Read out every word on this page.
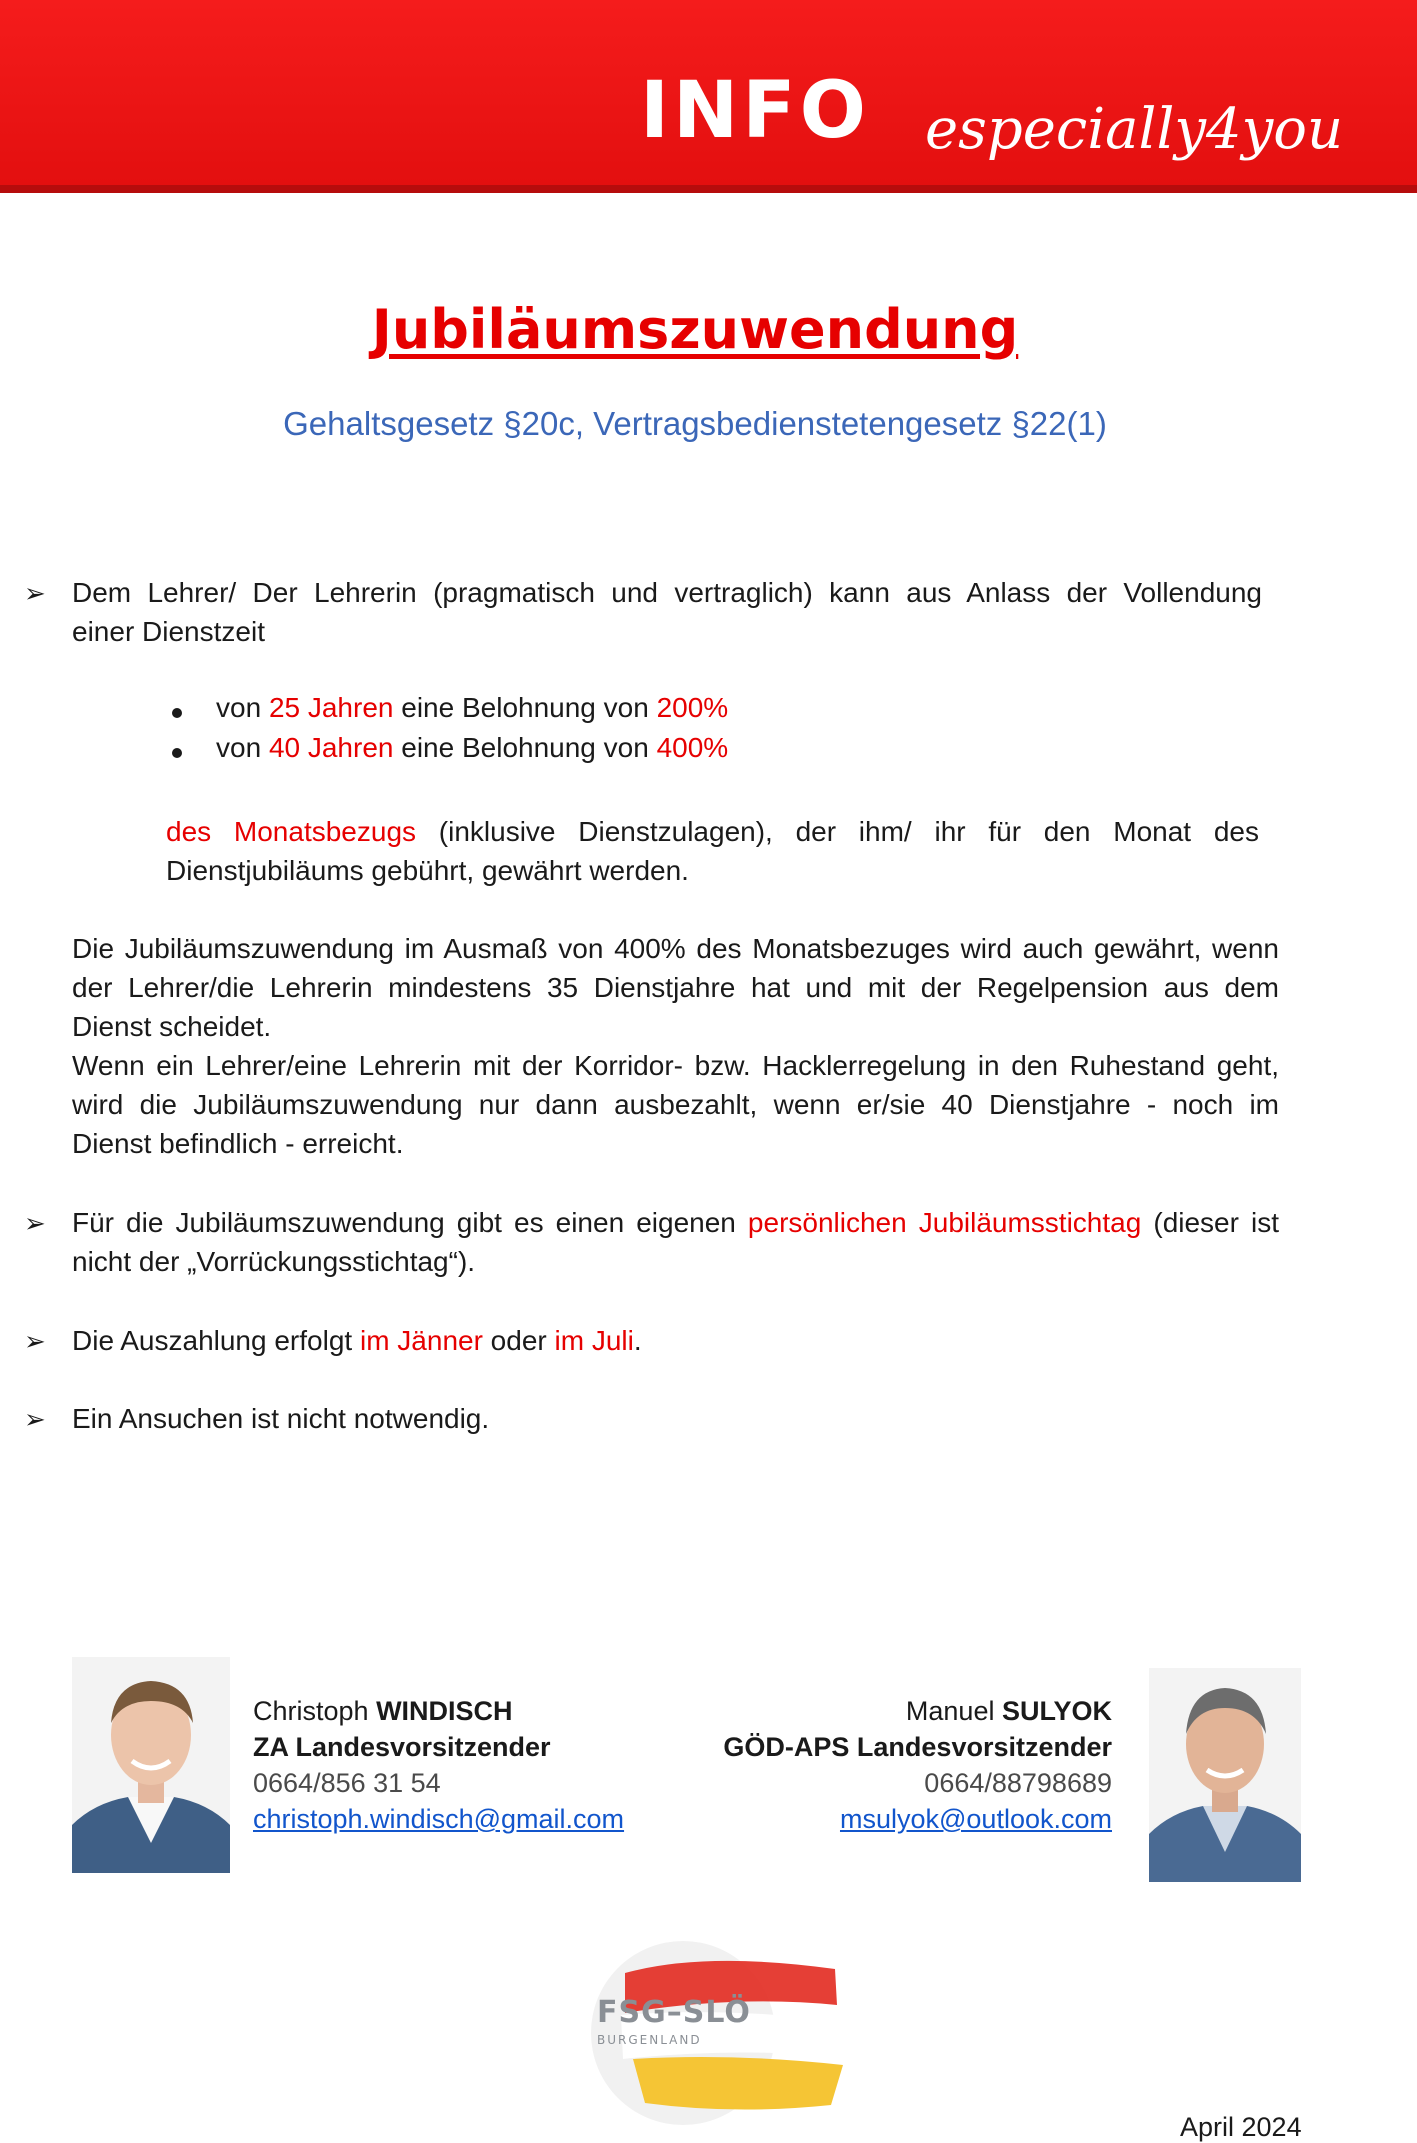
INFO especially4you
Jubiläumszuwendung
Gehaltsgesetz §20c, Vertragsbedienstetengesetz §22(1)
➢ Dem Lehrer/ Der Lehrerin (pragmatisch und vertraglich) kann aus Anlass der Vollendung
einer Dienstzeit
von 25 Jahren eine Belohnung von 200%
von 40 Jahren eine Belohnung von 400%
des Monatsbezugs (inklusive Dienstzulagen), der ihm/ ihr für den Monat des
Dienstjubiläums gebührt, gewährt werden.
Die Jubiläumszuwendung im Ausmaß von 400% des Monatsbezuges wird auch gewährt, wenn
der Lehrer/die Lehrerin mindestens 35 Dienstjahre hat und mit der Regelpension aus dem
Dienst scheidet.
Wenn ein Lehrer/eine Lehrerin mit der Korridor- bzw. Hacklerregelung in den Ruhestand geht,
wird die Jubiläumszuwendung nur dann ausbezahlt, wenn er/sie 40 Dienstjahre - noch im
Dienst befindlich - erreicht.
➢ Für die Jubiläumszuwendung gibt es einen eigenen persönlichen Jubiläumsstichtag (dieser ist
nicht der „Vorrückungsstichtag“).
➢ Die Auszahlung erfolgt im Jänner oder im Juli.
➢ Ein Ansuchen ist nicht notwendig.
Christoph WINDISCH
ZA Landesvorsitzender
0664/856 31 54
christoph.windisch@gmail.com
Manuel SULYOK
GÖD-APS Landesvorsitzender
0664/88798689
msulyok@outlook.com
FSG–SLÖ
BURGENLAND
April 2024
